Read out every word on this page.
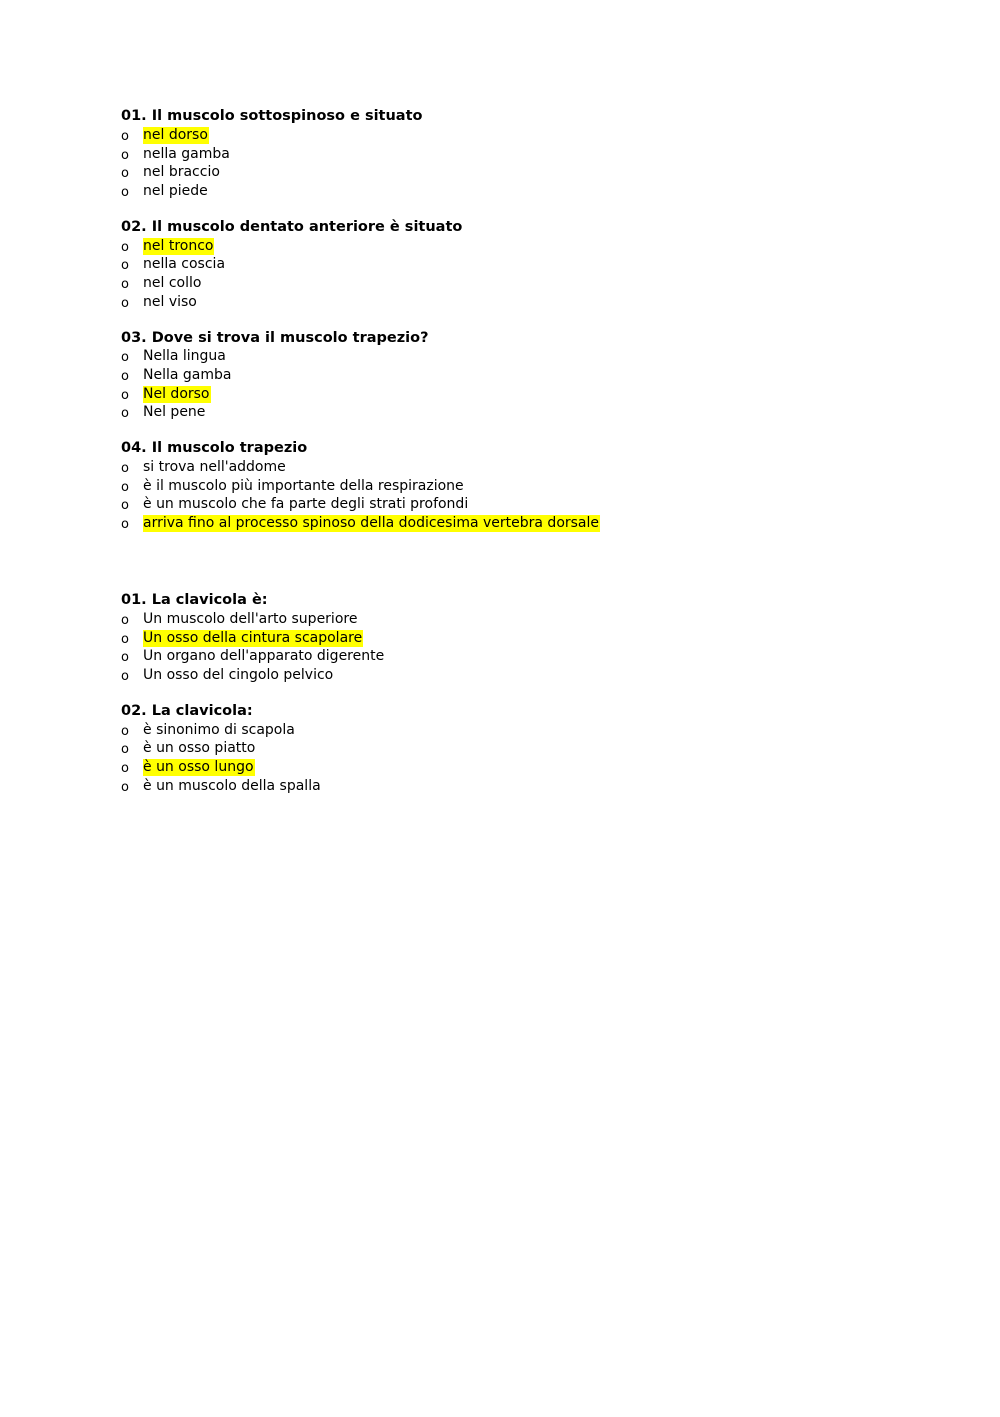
01. Il muscolo sottospinoso e situato
o	nel dorso
o	nella gamba
o	nel braccio
o	nel piede
02. Il muscolo dentato anteriore è situato
o	nel tronco
o	nella coscia
o	nel collo
o	nel viso
03. Dove si trova il muscolo trapezio?
o	Nella lingua
o	Nella gamba
o	Nel dorso
o	Nel pene
04. Il muscolo trapezio
o	si trova nell'addome
o	è il muscolo più importante della respirazione
o	è un muscolo che fa parte degli strati profondi
o	arriva fino al processo spinoso della dodicesima vertebra dorsale
01. La clavicola è:
o	Un muscolo dell'arto superiore
o	Un osso della cintura scapolare
o	Un organo dell'apparato digerente
o	Un osso del cingolo pelvico
02. La clavicola:
o	è sinonimo di scapola
o	è un osso piatto
o	è un osso lungo
o	è un muscolo della spalla
